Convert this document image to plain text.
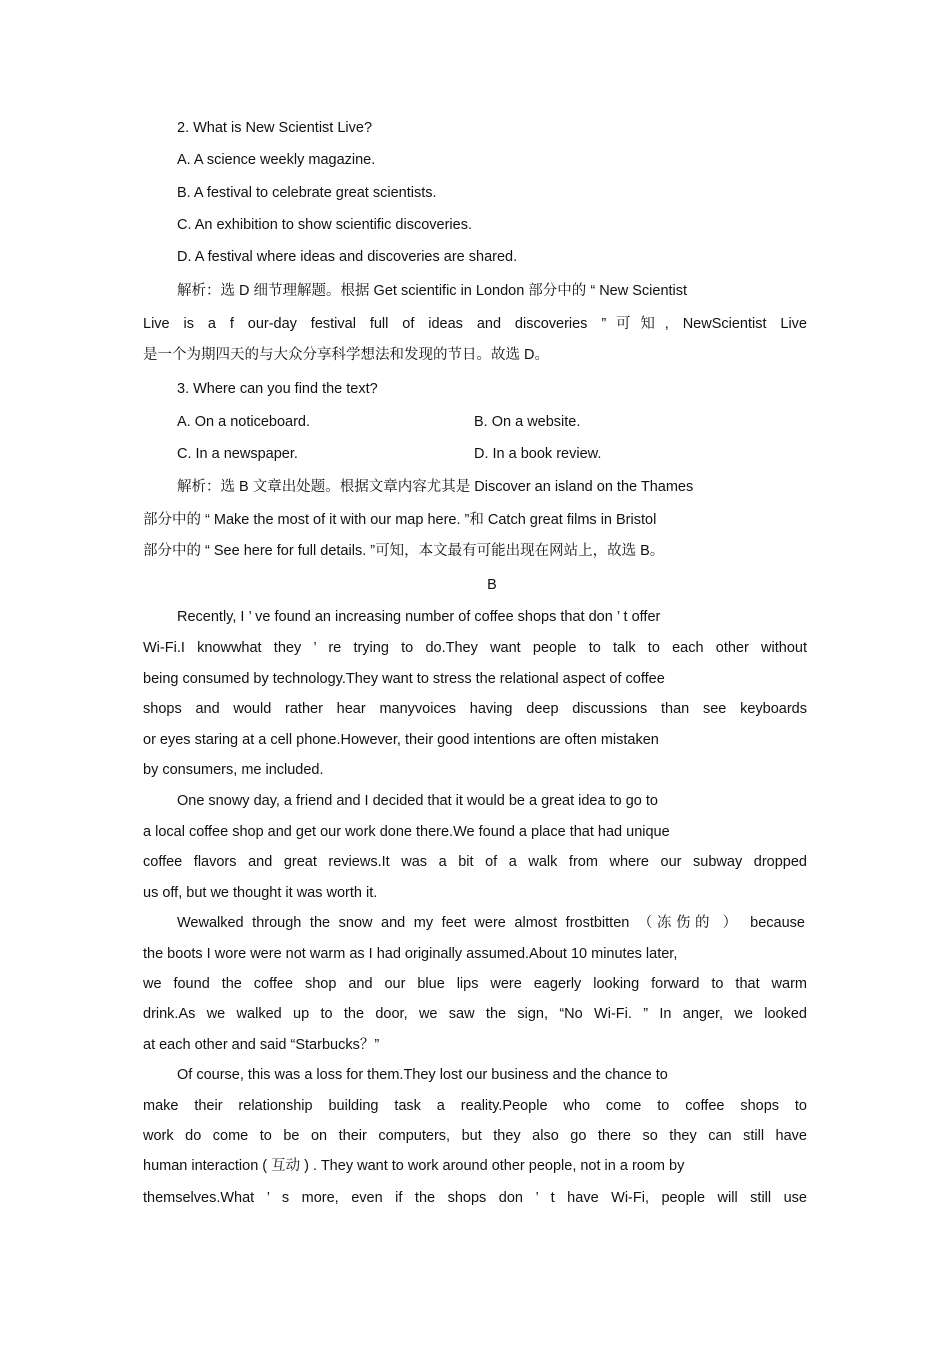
2. What is New Scientist Live?
A. A science weekly magazine.
B. A festival to celebrate great scientists.
C. An exhibition to show scientific discoveries.
D. A festival where ideas and discoveries are shared.
解析：选 D 细节理解题。根据 Get scientific in London 部分中的 “ New Scientist
Live is a f our-day festival full of ideas and discoveries ”可知, NewScientist Live
是一个为期四天的与大众分享科学想法和发现的节日。故选 D。
3. Where can you find the text?
A. On a noticeboard.	B. On a website.
C. In a newspaper.	D. In a book review.
解析：选 B 文章出处题。根据文章内容尤其是 Discover an island on the Thames
部分中的 “ Make the most of it with our map here. ”和 Catch great films in Bristol
部分中的 “ See here for full details. ”可知，本文最有可能出现在网站上，故选 B。
B
Recently, I ’ ve found an increasing number of coffee shops that don ’ t offer
Wi-Fi.I knowwhat they ’ re trying to do.They want people to talk to each other without
being consumed by technology.They want to stress the relational aspect of coffee
shops and would rather hear manyvoices having deep discussions than see keyboards
or eyes staring at a cell phone.However, their good intentions are often mistaken
by consumers, me included.
One snowy day, a friend and I decided that it would be a great idea to go to
a local coffee shop and get our work done there.We found a place that had unique
coffee flavors and great reviews.It was a bit of a walk from where our subway dropped
us off, but we thought it was worth it.
Wewalked through the snow and my feet were almost frostbitten （冻伤的 ） because
the boots I wore were not warm as I had originally assumed.About 10 minutes later,
we found the coffee shop and our blue lips were eagerly looking forward to that warm
drink.As we walked up to the door, we saw the sign, “No Wi-Fi. ” In anger, we looked
at each other and said “Starbucks？”
Of course, this was a loss for them.They lost our business and the chance to
make their relationship building task a reality.People who come to coffee shops to
work do come to be on their computers, but they also go there so they can still have
human interaction ( 互动 ) . They want to work around other people, not in a room by
themselves.What ’ s more, even if the shops don ’ t have Wi-Fi, people will still use
